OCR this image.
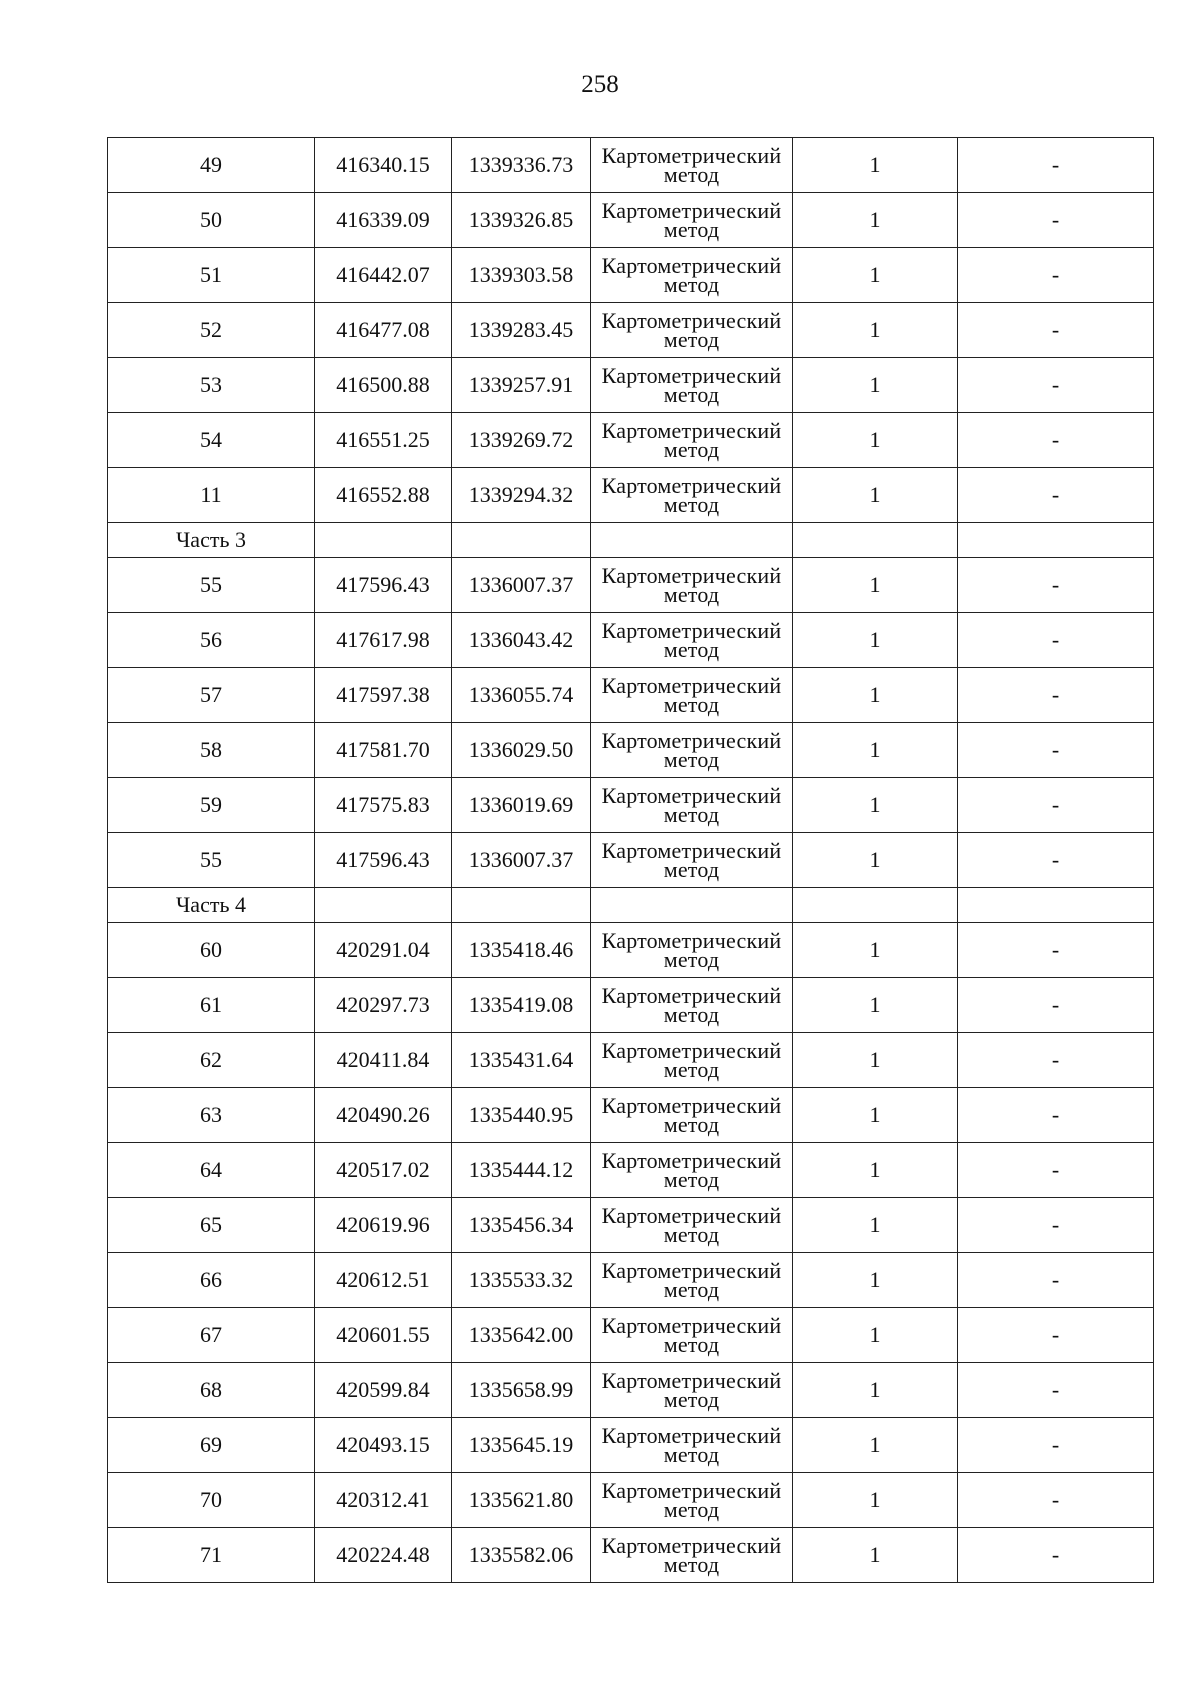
258
49	416340.15	1339336.73	Картометрический метод	1	-
50	416339.09	1339326.85	Картометрический метод	1	-
51	416442.07	1339303.58	Картометрический метод	1	-
52	416477.08	1339283.45	Картометрический метод	1	-
53	416500.88	1339257.91	Картометрический метод	1	-
54	416551.25	1339269.72	Картометрический метод	1	-
11	416552.88	1339294.32	Картометрический метод	1	-
Часть 3					
55	417596.43	1336007.37	Картометрический метод	1	-
56	417617.98	1336043.42	Картометрический метод	1	-
57	417597.38	1336055.74	Картометрический метод	1	-
58	417581.70	1336029.50	Картометрический метод	1	-
59	417575.83	1336019.69	Картометрический метод	1	-
55	417596.43	1336007.37	Картометрический метод	1	-
Часть 4					
60	420291.04	1335418.46	Картометрический метод	1	-
61	420297.73	1335419.08	Картометрический метод	1	-
62	420411.84	1335431.64	Картометрический метод	1	-
63	420490.26	1335440.95	Картометрический метод	1	-
64	420517.02	1335444.12	Картометрический метод	1	-
65	420619.96	1335456.34	Картометрический метод	1	-
66	420612.51	1335533.32	Картометрический метод	1	-
67	420601.55	1335642.00	Картометрический метод	1	-
68	420599.84	1335658.99	Картометрический метод	1	-
69	420493.15	1335645.19	Картометрический метод	1	-
70	420312.41	1335621.80	Картометрический метод	1	-
71	420224.48	1335582.06	Картометрический метод	1	-
